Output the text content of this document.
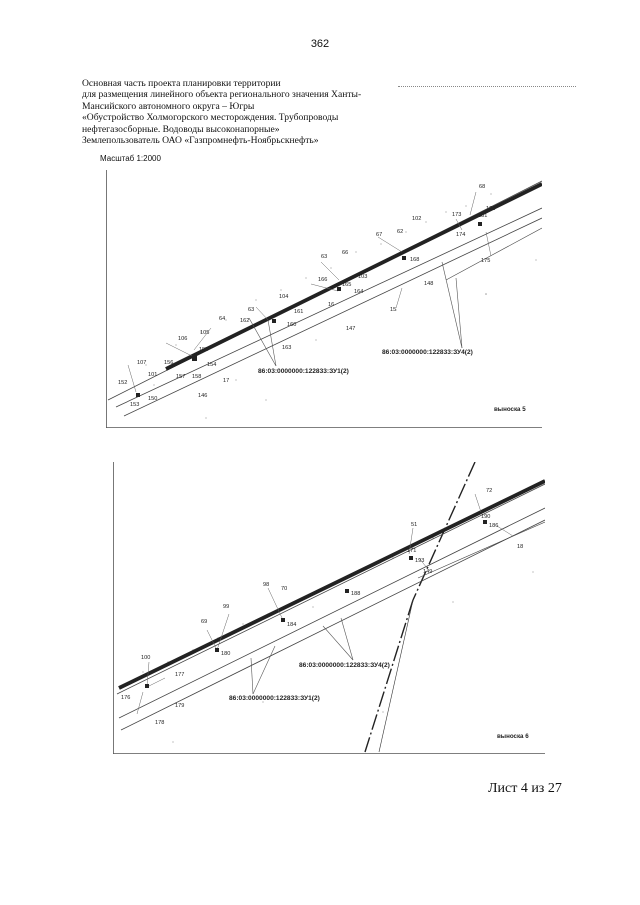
362
Основная часть проекта планировки территории
для размещения линейного объекта регионального значения Ханты-
Мансийского автономного округа – Югры
«Обустройство Холмогорского месторождения. Трубопроводы
нефтегазосборные. Водоводы высоконапорные»
Землепользователь ОАО «Газпромнефть-Ноябрьскнефть»
Масштаб 1:2000
68
172
173	181
174
175
102
67	62
168
66
63
103
166
165
164
148
104
161
16
15
63
162
64
147
160
105
163
106
155
107	156	154
101	157 158
152	17
146
153
150
86:03:0000000:122833:ЗУ4(2)
86:03:0000000:122833:ЗУ1(2)
выноска 5
72
190
186
51
171
193
149
18
98
70
188
99
69	184
100
180
177
176
179
178
86:03:0000000:122833:ЗУ4(2)
86:03:0000000:122833:ЗУ1(2)
выноска 6
Лист 4 из 27
